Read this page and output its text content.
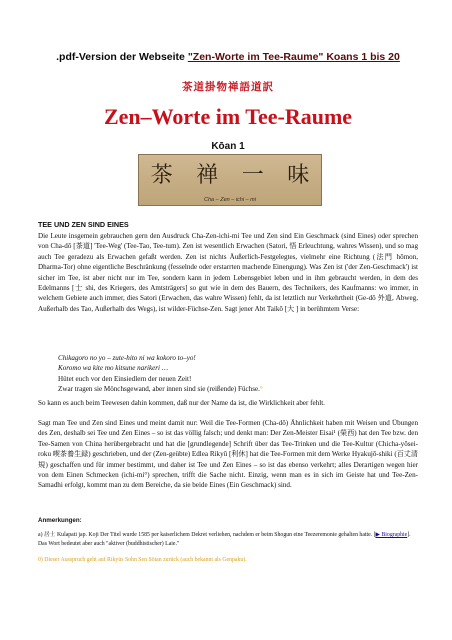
.pdf-Version der Webseite "Zen-Worte im Tee-Raume" Koans 1 bis 20
茶道掛物禅語道訳
Zen–Worte im Tee-Raume
Kōan 1
茶 禅 一 味
Cha – Zen – ichi – mi
TEE UND ZEN SIND EINES
Die Leute insgemein gebrauchen gern den Ausdruck Cha-Zen-ichi-mi Tee und Zen sind Ein Geschmack (sind Eines) oder sprechen von Cha-dô [茶道] 'Tee-Weg' (Tee-Tao, Tee-tum). Zen ist wesentlich Erwachen (Satori, 悟 Erleuchtung, wahres Wissen), und so mag auch Tee geradezu als Erwachen gefaßt werden. Zen ist nichts Äußerlich-Festgelegtes, vielmehr eine Richtung (法門 hōmon, Dharma-Tor) ohne eigentliche Beschränkung (fesselnde oder erstarrten machende Einengung). Was Zen ist ('der Zen-Geschmack') ist sicher im Tee, ist aber nicht nur im Tee, sondern kann in jedem Lebensgebiet leben und in ihm gebraucht werden, in dem des Edelmanns [士 shi, des Kriegers, des Amtsträgers] so gut wie in dem des Bauern, des Technikers, des Kaufmanns: wo immer, in welchem Gebiete auch immer, dies Satori (Erwachen, das wahre Wissen) fehlt, da ist letztlich nur Verkehrtheit (Ge-dô 外道, Abweg, Außerhalb des Tao, Außerhalb des Wegs), ist wilder-Füchse-Zen. Sagt jener Abt Taikō [大 ] in berühmtem Verse:
Chikagoro no yo – zute-hito ni wa kokoro to–yo!
Koromo wa kite mo kitsune narikeri …
Hütet euch vor den Einsiedlern der neuen Zeit!
Zwar tragen sie Mönchsgewand, aber innen sind sie (reißende) Füchse.°
So kann es auch beim Teewesen dahin kommen, daß nur der Name da ist, die Wirklichkeit aber fehlt.
Sagt man Tee und Zen sind Eines und meint damit nur: Weil die Tee-Formen (Cha-dô) Ähnlichkeit haben mit Weisen und Übungen des Zen, deshalb sei Tee und Zen Eines – so ist das völlig falsch; und denkt man: Der Zen-Meister Eisai¹ (榮西) hat den Tee bzw. den Tee-Samen von China herübergebracht und hat die [grundlegende] Schrift über das Tee-Trinken und die Tee-Kultur (Chicha-yōsei-roku 喫茶養生録) geschrieben, und der (Zen-geübte) Edlea Rikyū [利休] hat die Tee-Formen mit dem Werke Hyakujō-shiki (百丈清規) geschaffen und für immer bestimmt, und daher ist Tee und Zen Eines – so ist das ebenso verkehrt; alles Derartigen wegen hier von dem Einen Schmecken (ichi-mi°) sprechen, trifft die Sache nicht. Einzig, wenn man es in sich im Geiste hat und Tee-Zen-Samadhi erfolgt, kommt man zu dem Bereiche, da sie beide Eines (Ein Geschmack) sind.
Anmerkungen:
a) 居士 Kulapati jap. Koji Der Titel wurde 1585 per kaiserlichem Dekret verliehen, nachdem er beim Shogun eine Teezeremonie gehalten hatte. [▶ Biographie]. Das Wort bedeutet aber auch "aktiver (buddhistischer) Laie."
0) Dieser Ausspruch geht auf Rikyūs Sohn Sen Sōtan zurück (auch bekannt als Genpaku).
